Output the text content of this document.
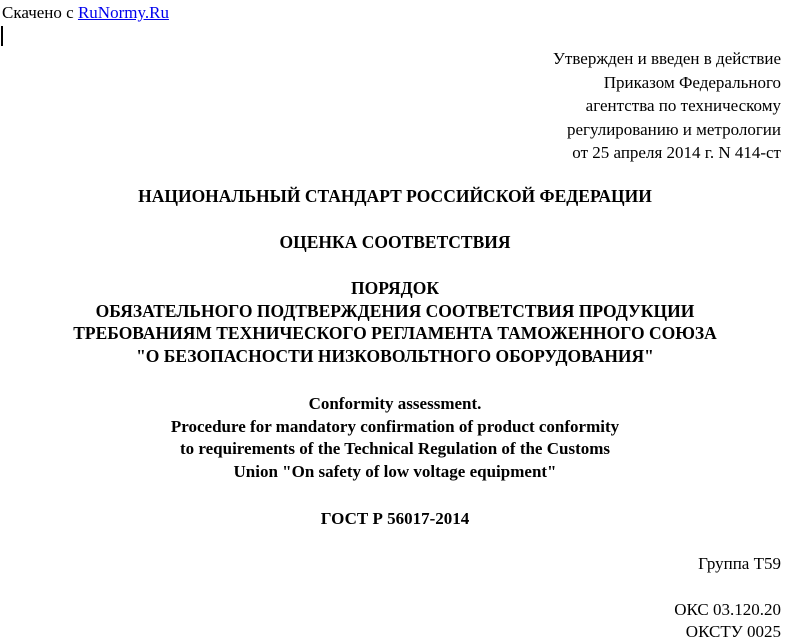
Скачено с RuNormy.Ru
Утвержден и введен в действие
Приказом Федерального
агентства по техническому
регулированию и метрологии
от 25 апреля 2014 г. N 414-ст
НАЦИОНАЛЬНЫЙ СТАНДАРТ РОССИЙСКОЙ ФЕДЕРАЦИИ
ОЦЕНКА СООТВЕТСТВИЯ
ПОРЯДОК
ОБЯЗАТЕЛЬНОГО ПОДТВЕРЖДЕНИЯ СООТВЕТСТВИЯ ПРОДУКЦИИ
ТРЕБОВАНИЯМ ТЕХНИЧЕСКОГО РЕГЛАМЕНТА ТАМОЖЕННОГО СОЮЗА
"О БЕЗОПАСНОСТИ НИЗКОВОЛЬТНОГО ОБОРУДОВАНИЯ"
Conformity assessment.
Procedure for mandatory confirmation of product conformity
to requirements of the Technical Regulation of the Customs
Union "On safety of low voltage equipment"
ГОСТ Р 56017-2014
Группа Т59
ОКС 03.120.20
ОКСТУ 0025
